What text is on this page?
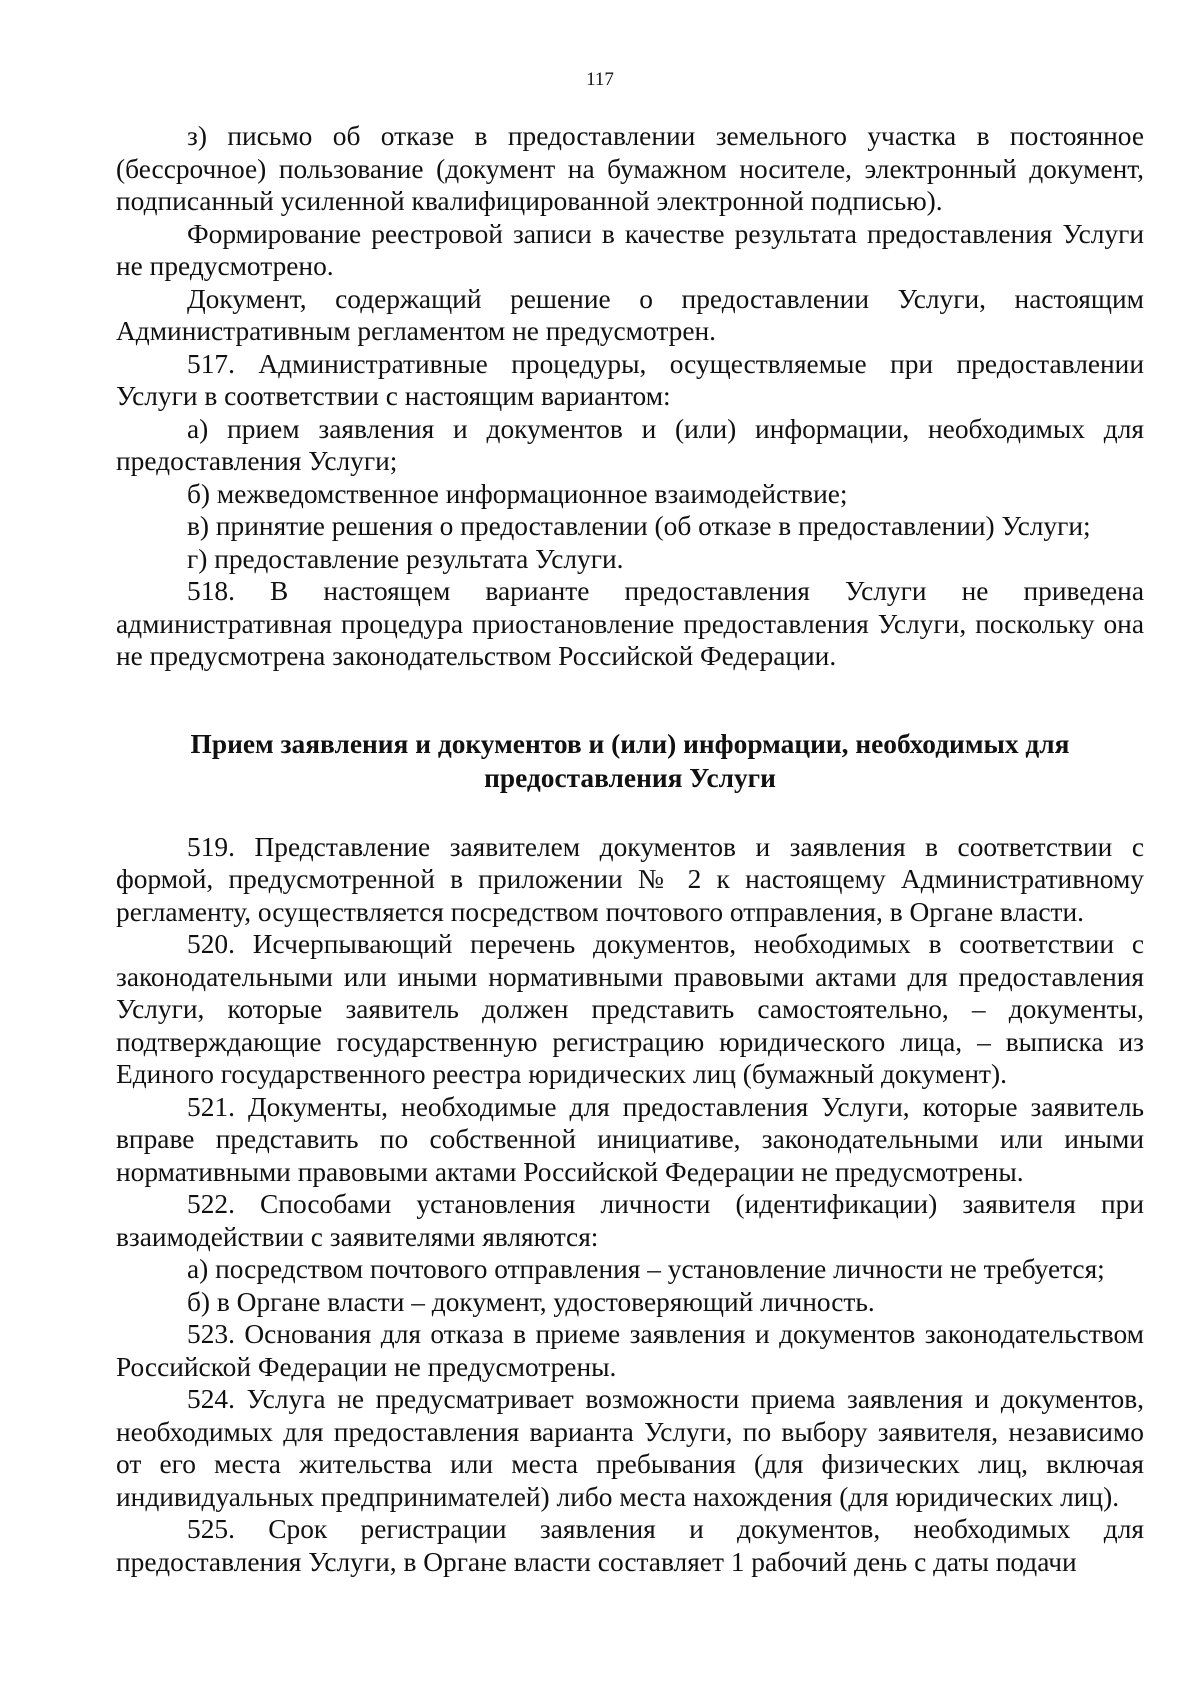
117

з) письмо об отказе в предоставлении земельного участка в постоянное (бессрочное) пользование (документ на бумажном носителе, электронный документ, подписанный усиленной квалифицированной электронной подписью).

Формирование реестровой записи в качестве результата предоставления Услуги не предусмотрено.

Документ, содержащий решение о предоставлении Услуги, настоящим Административным регламентом не предусмотрен.

517. Административные процедуры, осуществляемые при предоставлении Услуги в соответствии с настоящим вариантом:

а) прием заявления и документов и (или) информации, необходимых для предоставления Услуги;

б) межведомственное информационное взаимодействие;

в) принятие решения о предоставлении (об отказе в предоставлении) Услуги;

г) предоставление результата Услуги.

518. В настоящем варианте предоставления Услуги не приведена административная процедура приостановление предоставления Услуги, поскольку она не предусмотрена законодательством Российской Федерации.

Прием заявления и документов и (или) информации, необходимых для предоставления Услуги

519. Представление заявителем документов и заявления в соответствии с формой, предусмотренной в приложении № 2 к настоящему Административному регламенту, осуществляется посредством почтового отправления, в Органе власти.

520. Исчерпывающий перечень документов, необходимых в соответствии с законодательными или иными нормативными правовыми актами для предоставления Услуги, которые заявитель должен представить самостоятельно, – документы, подтверждающие государственную регистрацию юридического лица, – выписка из Единого государственного реестра юридических лиц (бумажный документ).

521. Документы, необходимые для предоставления Услуги, которые заявитель вправе представить по собственной инициативе, законодательными или иными нормативными правовыми актами Российской Федерации не предусмотрены.

522. Способами установления личности (идентификации) заявителя при взаимодействии с заявителями являются:

а) посредством почтового отправления – установление личности не требуется;

б) в Органе власти – документ, удостоверяющий личность.

523. Основания для отказа в приеме заявления и документов законодательством Российской Федерации не предусмотрены.

524. Услуга не предусматривает возможности приема заявления и документов, необходимых для предоставления варианта Услуги, по выбору заявителя, независимо от его места жительства или места пребывания (для физических лиц, включая индивидуальных предпринимателей) либо места нахождения (для юридических лиц).

525. Срок регистрации заявления и документов, необходимых для предоставления Услуги, в Органе власти составляет 1 рабочий день с даты подачи
